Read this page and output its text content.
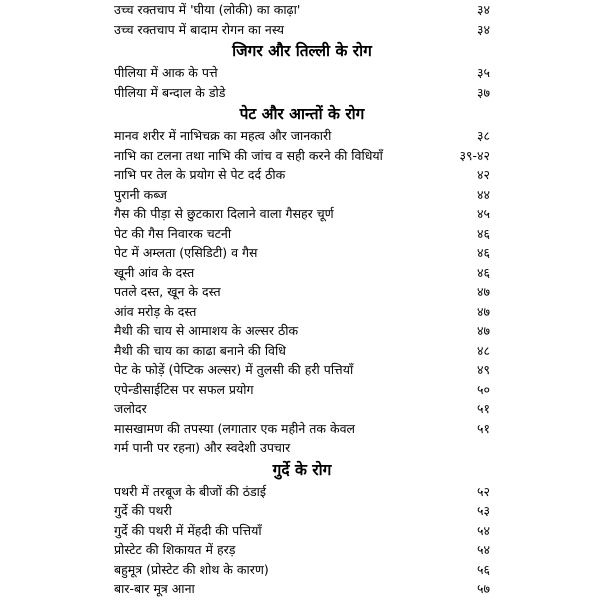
उच्च रक्तचाप में 'घीया (लोकी) का काढ़ा'	३४
उच्च रक्तचाप में बादाम रोगन का नस्य	३४
जिगर और तिल्ली के रोग
पीलिया में आक के पत्ते	३५
पीलिया में बन्दाल के डोडे	३७
पेट और आन्तों के रोग
मानव शरीर में नाभिचक्र का महत्व और जानकारी	३८
नाभि का टलना तथा नाभि की जांच व सही करने की विधियाँ	३९-४२
नाभि पर तेल के प्रयोग से पेट दर्द ठीक	४२
पुरानी कब्ज	४४
गैस की पीड़ा से छुटकारा दिलाने वाला गैसहर चूर्ण	४५
पेट की गैस निवारक चटनी	४६
पेट में अम्लता (एसिडिटी) व गैस	४६
खूनी आंव के दस्त	४६
पतले दस्त, खून के दस्त	४७
आंव मरोड़ के दस्त	४७
मैथी की चाय से आमाशय के अल्सर ठीक	४७
मैथी की चाय का काढा बनाने की विधि	४८
पेट के फोड़ें (पेप्टिक अल्सर) में तुलसी की हरी पत्तियाँ	४९
एपेन्डीसाईटिस पर सफल प्रयोग	५०
जलोदर	५१
मासखामण की तपस्या (लगातार एक महीने तक केवल	५१
गर्म पानी पर रहना) और स्वदेशी उपचार
गुर्दे के रोग
पथरी में तरबूज के बीजों की ठंडाई	५२
गुर्दे की पथरी	५३
गुर्दे की पथरी में मेंहदी की पत्तियाँ	५४
प्रोस्टेट की शिकायत में हरड़	५४
बहुमूत्र (प्रोस्टेट की शोथ के कारण)	५६
बार-बार मूत्र आना	५७
